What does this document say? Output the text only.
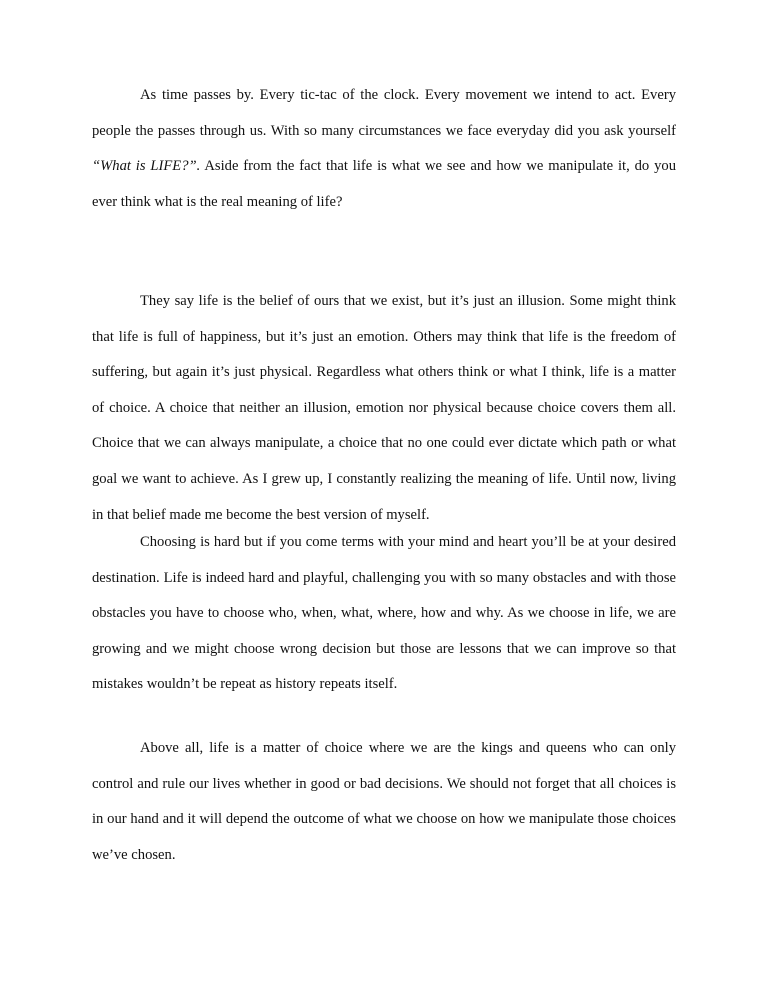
As time passes by. Every tic-tac of the clock. Every movement we intend to act. Every people the passes through us. With so many circumstances we face everyday did you ask yourself “What is LIFE?”. Aside from the fact that life is what we see and how we manipulate it, do you ever think what is the real meaning of life?

They say life is the belief of ours that we exist, but it’s just an illusion. Some might think that life is full of happiness, but it’s just an emotion. Others may think that life is the freedom of suffering, but again it’s just physical. Regardless what others think or what I think, life is a matter of choice. A choice that neither an illusion, emotion nor physical because choice covers them all. Choice that we can always manipulate, a choice that no one could ever dictate which path or what goal we want to achieve. As I grew up, I constantly realizing the meaning of life. Until now, living in that belief made me become the best version of myself.

Choosing is hard but if you come terms with your mind and heart you’ll be at your desired destination. Life is indeed hard and playful, challenging you with so many obstacles and with those obstacles you have to choose who, when, what, where, how and why. As we choose in life, we are growing and we might choose wrong decision but those are lessons that we can improve so that mistakes wouldn’t be repeat as history repeats itself.

Above all, life is a matter of choice where we are the kings and queens who can only control and rule our lives whether in good or bad decisions. We should not forget that all choices is in our hand and it will depend the outcome of what we choose on how we manipulate those choices we’ve chosen.
